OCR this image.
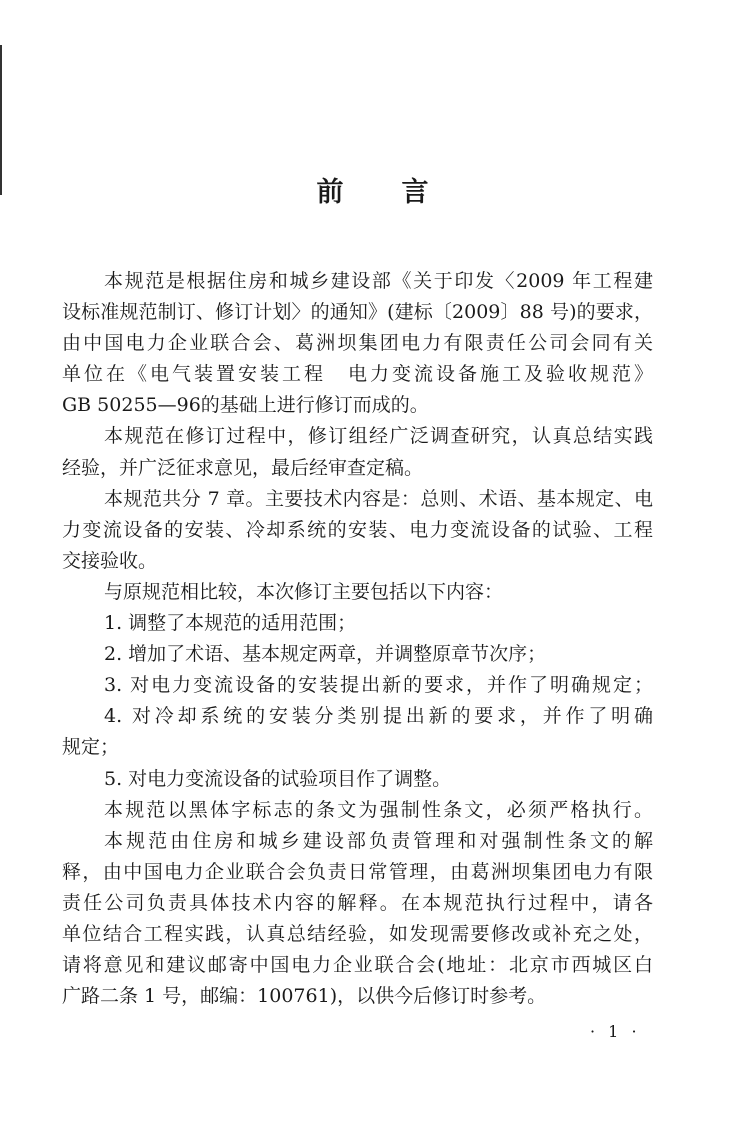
前言
本规范是根据住房和城乡建设部《关于印发〈2009 年工程建
设标准规范制订、修订计划〉的通知》(建标〔2009〕88 号)的要求，
由中国电力企业联合会、葛洲坝集团电力有限责任公司会同有关
单位在《电气装置安装工程　电力变流设备施工及验收规范》
GB 50255—96的基础上进行修订而成的。
本规范在修订过程中，修订组经广泛调查研究，认真总结实践
经验，并广泛征求意见，最后经审查定稿。
本规范共分 7 章。主要技术内容是：总则、术语、基本规定、电
力变流设备的安装、冷却系统的安装、电力变流设备的试验、工程
交接验收。
与原规范相比较，本次修订主要包括以下内容：
1. 调整了本规范的适用范围；
2. 增加了术语、基本规定两章，并调整原章节次序；
3. 对电力变流设备的安装提出新的要求，并作了明确规定；
4. 对冷却系统的安装分类别提出新的要求，并作了明确
规定；
5. 对电力变流设备的试验项目作了调整。
本规范以黑体字标志的条文为强制性条文，必须严格执行。
本规范由住房和城乡建设部负责管理和对强制性条文的解
释，由中国电力企业联合会负责日常管理，由葛洲坝集团电力有限
责任公司负责具体技术内容的解释。在本规范执行过程中，请各
单位结合工程实践，认真总结经验，如发现需要修改或补充之处，
请将意见和建议邮寄中国电力企业联合会(地址：北京市西城区白
广路二条 1 号，邮编：100761)，以供今后修订时参考。
· 1 ·
